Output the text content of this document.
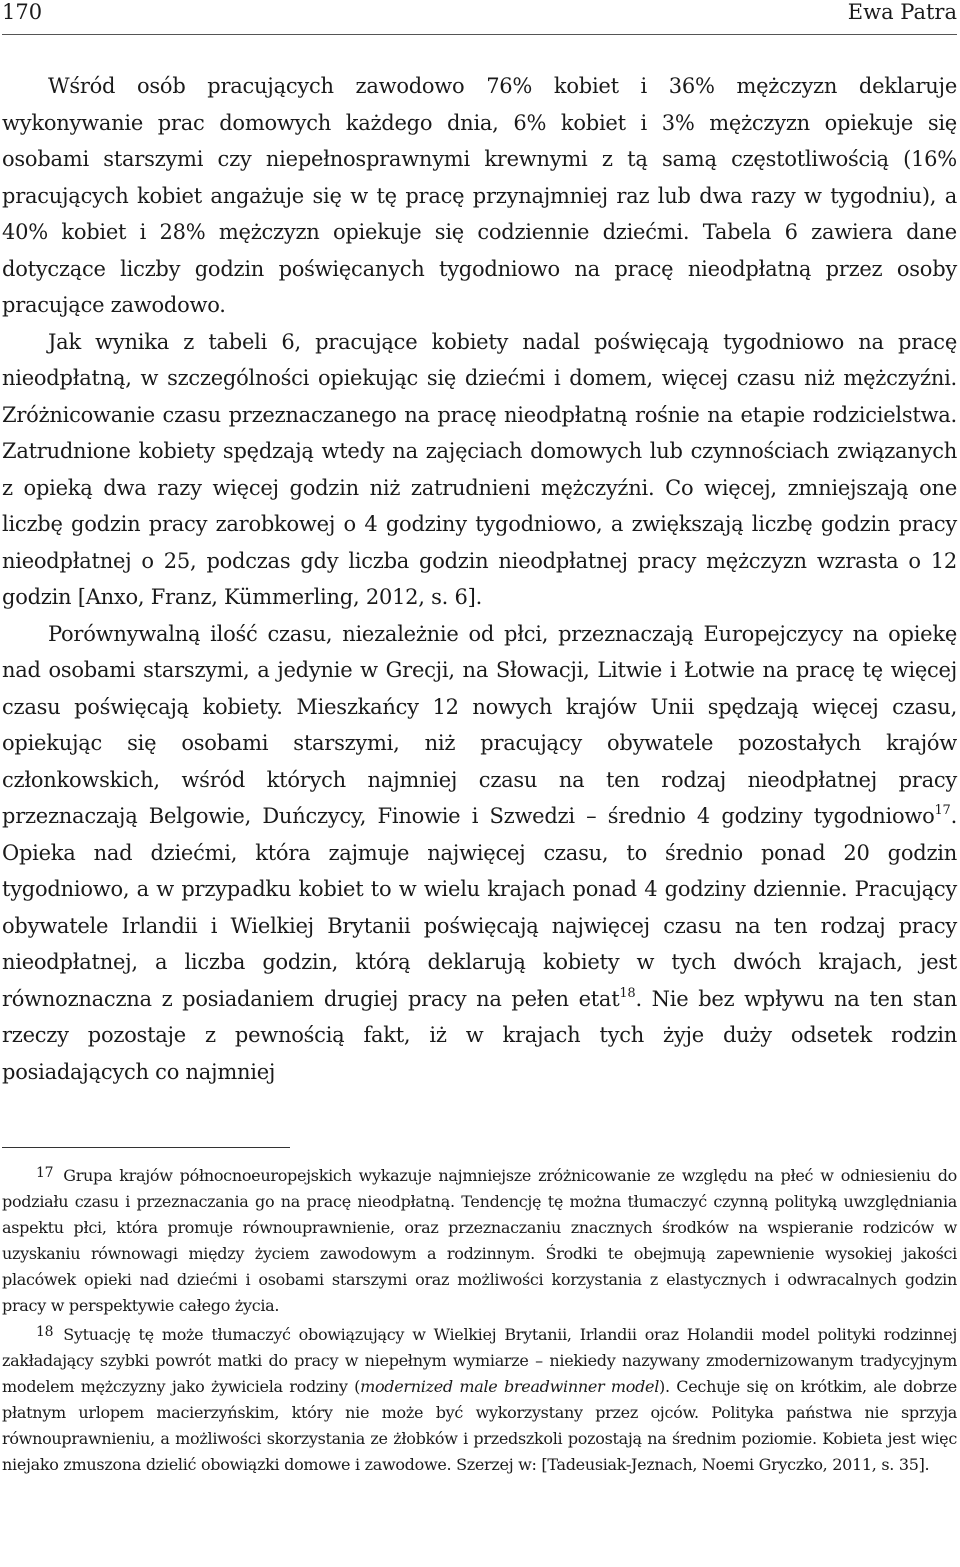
170	Ewa Patra

Wśród osób pracujących zawodowo 76% kobiet i 36% mężczyzn deklaruje wykonywanie prac domowych każdego dnia, 6% kobiet i 3% mężczyzn opiekuje się osobami starszymi czy niepełnosprawnymi krewnymi z tą samą częstotliwością (16% pracujących kobiet angażuje się w tę pracę przynajmniej raz lub dwa razy w tygodniu), a 40% kobiet i 28% mężczyzn opiekuje się codziennie dziećmi. Tabela 6 zawiera dane dotyczące liczby godzin poświęcanych tygodniowo na pracę nieodpłatną przez osoby pracujące zawodowo.

Jak wynika z tabeli 6, pracujące kobiety nadal poświęcają tygodniowo na pracę nieodpłatną, w szczególności opiekując się dziećmi i domem, więcej czasu niż mężczyźni. Zróżnicowanie czasu przeznaczanego na pracę nieodpłatną rośnie na etapie rodzicielstwa. Zatrudnione kobiety spędzają wtedy na zajęciach domowych lub czynnościach związanych z opieką dwa razy więcej godzin niż zatrudnieni mężczyźni. Co więcej, zmniejszają one liczbę godzin pracy zarobkowej o 4 godziny tygodniowo, a zwiększają liczbę godzin pracy nieodpłatnej o 25, podczas gdy liczba godzin nieodpłatnej pracy mężczyzn wzrasta o 12 godzin [Anxo, Franz, Kümmerling, 2012, s. 6].

Porównywalną ilość czasu, niezależnie od płci, przeznaczają Europejczycy na opiekę nad osobami starszymi, a jedynie w Grecji, na Słowacji, Litwie i Łotwie na pracę tę więcej czasu poświęcają kobiety. Mieszkańcy 12 nowych krajów Unii spędzają więcej czasu, opiekując się osobami starszymi, niż pracujący obywatele pozostałych krajów członkowskich, wśród których najmniej czasu na ten rodzaj nieodpłatnej pracy przeznaczają Belgowie, Duńczycy, Finowie i Szwedzi – średnio 4 godziny tygodniowo$^{17}$. Opieka nad dziećmi, która zajmuje najwięcej czasu, to średnio ponad 20 godzin tygodniowo, a w przypadku kobiet to w wielu krajach ponad 4 godziny dziennie. Pracujący obywatele Irlandii i Wielkiej Brytanii poświęcają najwięcej czasu na ten rodzaj pracy nieodpłatnej, a liczba godzin, którą deklarują kobiety w tych dwóch krajach, jest równoznaczna z posiadaniem drugiej pracy na pełen etat$^{18}$. Nie bez wpływu na ten stan rzeczy pozostaje z pewnością fakt, iż w krajach tych żyje duży odsetek rodzin posiadających co najmniej

17 Grupa krajów północnoeuropejskich wykazuje najmniejsze zróżnicowanie ze względu na płeć w odniesieniu do podziału czasu i przeznaczania go na pracę nieodpłatną. Tendencję tę można tłumaczyć czynną polityką uwzględniania aspektu płci, która promuje równouprawnienie, oraz przeznaczaniu znacznych środków na wspieranie rodziców w uzyskaniu równowagi między życiem zawodowym a rodzinnym. Środki te obejmują zapewnienie wysokiej jakości placówek opieki nad dziećmi i osobami starszymi oraz możliwości korzystania z elastycznych i odwracalnych godzin pracy w perspektywie całego życia.

18 Sytuację tę może tłumaczyć obowiązujący w Wielkiej Brytanii, Irlandii oraz Holandii model polityki rodzinnej zakładający szybki powrót matki do pracy w niepełnym wymiarze – niekiedy nazywany zmodernizowanym tradycyjnym modelem mężczyzny jako żywiciela rodziny (modernized male breadwinner model). Cechuje się on krótkim, ale dobrze płatnym urlopem macierzyńskim, który nie może być wykorzystany przez ojców. Polityka państwa nie sprzyja równouprawnieniu, a możliwości skorzystania ze żłobków i przedszkoli pozostają na średnim poziomie. Kobieta jest więc niejako zmuszona dzielić obowiązki domowe i zawodowe. Szerzej w: [Tadeusiak-Jeznach, Noemi Gryczko, 2011, s. 35].
